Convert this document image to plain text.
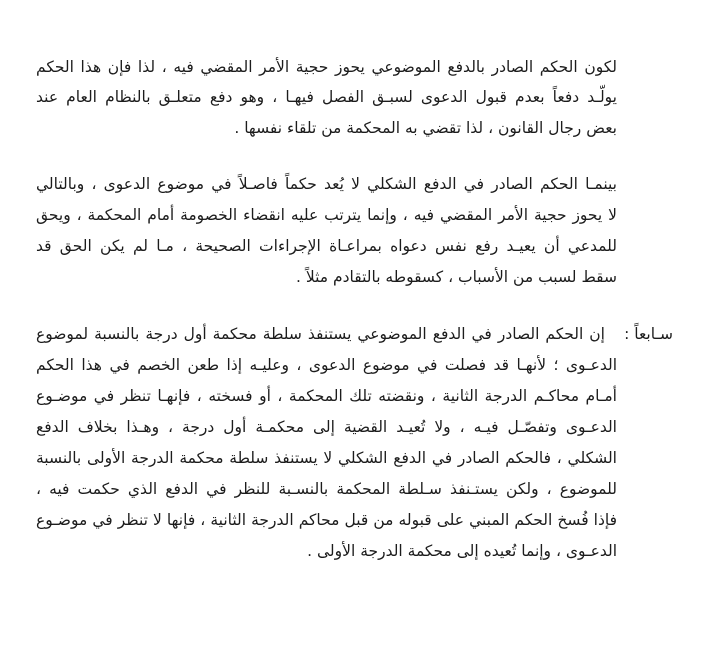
لكون الحكم الصادر بالدفع الموضوعي يحوز حجية الأمر المقضي فيه ، لذا فإن هذا الحكم
يولّـد دفعاً بعدم قبول الدعوى لسبـق الفصل فيهـا ، وهو دفع متعلـق بالنظام العام عند
بعض رجال القانون ، لذا تقضي به المحكمة من تلقاء نفسها .
بينمـا الحكم الصادر في الدفع الشكلي لا يُعد حكماً فاصـلاً في موضوع الدعوى ، وبالتالي
لا يحوز حجية الأمر المقضي فيه ، وإنما يترتب عليه انقضاء الخصومة أمام المحكمة ، ويحق
للمدعي أن يعيـد رفع نفس دعواه بمراعـاة الإجراءات الصحيحة ، مـا لم يكن الحق قد
سقط لسبب من الأسباب ، كسقوطه بالتقادم مثلاً .
سـابعاً :
إن الحكم الصادر في الدفع الموضوعي يستنفذ سلطة محكمة أول درجة بالنسبة لموضوع
الدعـوى ؛ لأنهـا قد فصلت في موضوع الدعوى ، وعليـه إذا طعن الخصم في هذا الحكم
أمـام محاكـم الدرجة الثانية ، ونقضته تلك المحكمة ، أو فسخته ، فإنهـا تنظر في موضـوع
الدعـوى وتفصّـل فيـه ، ولا تُعيـد القضية إلى محكمـة أول درجة ، وهـذا بخلاف الدفع
الشكلي ، فالحكم الصادر في الدفع الشكلي لا يستنفذ سلطة محكمة الدرجة الأولى بالنسبة
للموضوع ، ولكن يستـنفذ سـلطة المحكمة بالنسـبة للنظر في الدفع الذي حكمت فيه ،
فإذا فُسخ الحكم المبني على قبوله من قبل محاكم الدرجة الثانية ، فإنها لا تنظر في موضـوع
الدعـوى ، وإنما تُعيده إلى محكمة الدرجة الأولى .
